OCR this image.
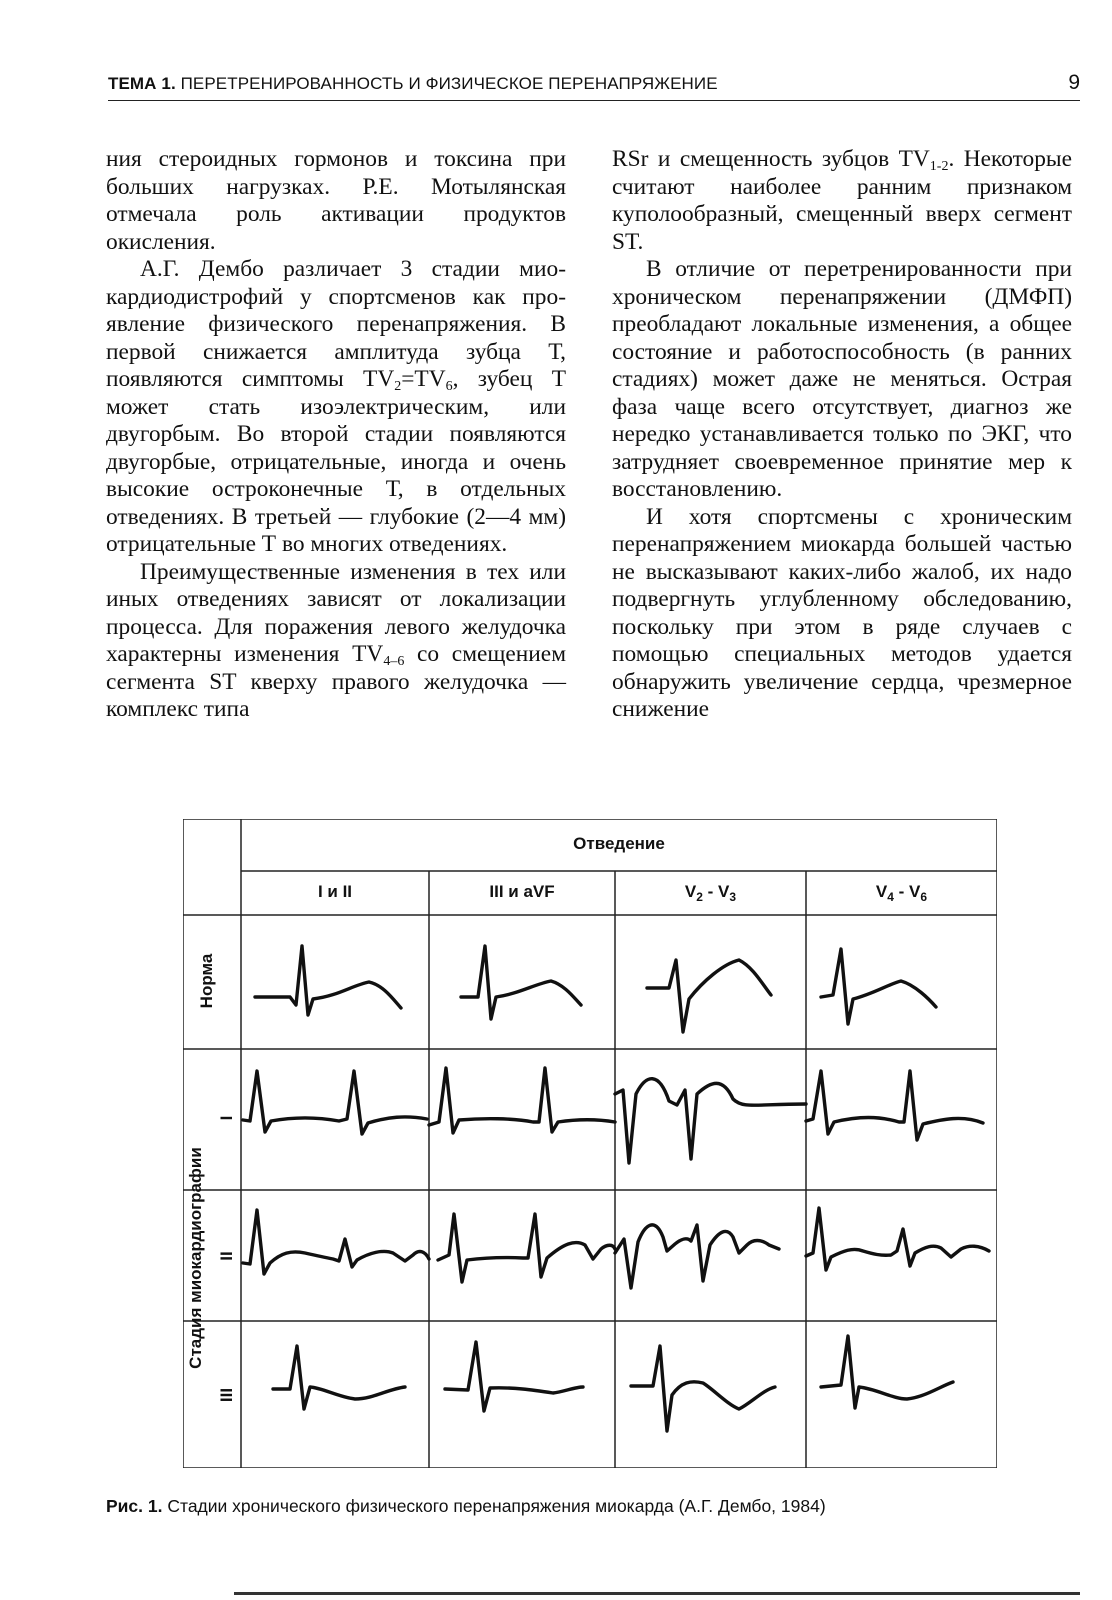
ТЕМА 1. ПЕРЕТРЕНИРОВАННОСТЬ И ФИЗИЧЕСКОЕ ПЕРЕНАПРЯЖЕНИЕ	9

ния стероидных гормонов и токсина при больших нагрузках. Р.Е. Мотылянская отмечала роль активации продуктов окисления.

А.Г. Дембо различает 3 стадии миокардиодистрофий у спортсменов как проявление физического перенапряжения. В первой снижается амплитуда зубца Т, появляются симптомы $TV_2=TV_6$, зубец Т может стать изоэлектрическим, или двугорбым. Во второй стадии появляются двугорбые, отрицательные, иногда и очень высокие остроконечные Т, в отдельных отведениях. В третьей — глубокие (2—4 мм) отрицательные Т во многих отведениях.

Преимущественные изменения в тех или иных отведениях зависят от локализации процесса. Для поражения левого желудочка характерны изменения $TV_{4-6}$ со смещением сегмента ST кверху правого желудочка — комплекс типа

RSr и смещенность зубцов $TV_{1-2}$. Некоторые считают наиболее ранним признаком куполообразный, смещенный вверх сегмент ST.

В отличие от перетренированности при хроническом перенапряжении (ДМФП) преобладают локальные изменения, а общее состояние и работоспособность (в ранних стадиях) может даже не меняться. Острая фаза чаще всего отсутствует, диагноз же нередко устанавливается только по ЭКГ, что затрудняет своевременное принятие мер к восстановлению.

И хотя спортсмены с хроническим перенапряжением миокарда большей частью не высказывают каких-либо жалоб, их надо подвергнуть углубленному обследованию, поскольку при этом в ряде случаев с помощью специальных методов удается обнаружить увеличение сердца, чрезмерное снижение

Отведение
I и II	III и aVF	$V_2 - V_3$	$V_4 - V_6$
Норма
Стадия миокардиографии
I
II
III
Рис. 1. Стадии хронического физического перенапряжения миокарда (А.Г. Дембо, 1984)
